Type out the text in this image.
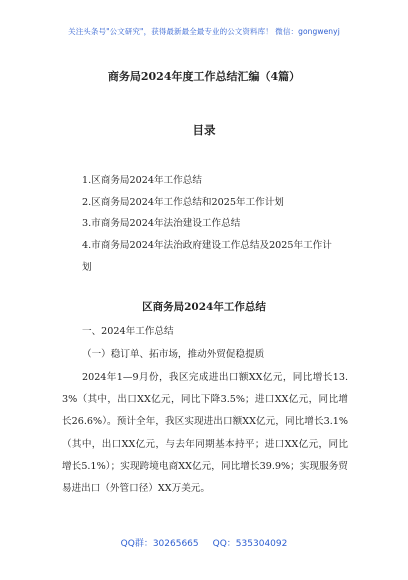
关注头条号"公文研究"，获得最新最全最专业的公文资料库！ 微信：gongwenyj
商务局2024年度工作总结汇编（4篇）
目录
1.区商务局2024年工作总结
2.区商务局2024年工作总结和2025年工作计划
3.市商务局2024年法治建设工作总结
4.市商务局2024年法治政府建设工作总结及2025年工作计划
区商务局2024年工作总结
一、2024年工作总结
（一）稳订单、拓市场，推动外贸促稳提质
2024年1—9月份，我区完成进出口额XX亿元，同比增长13.3%（其中，出口XX亿元，同比下降3.5%；进口XX亿元，同比增长26.6%）。预计全年，我区实现进出口额XX亿元，同比增长3.1%（其中，出口XX亿元，与去年同期基本持平；进口XX亿元，同比增长5.1%）；实现跨境电商XX亿元，同比增长39.9%；实现服务贸易进出口（外管口径）XX万美元。
QQ群：30265665 QQ：535304092
